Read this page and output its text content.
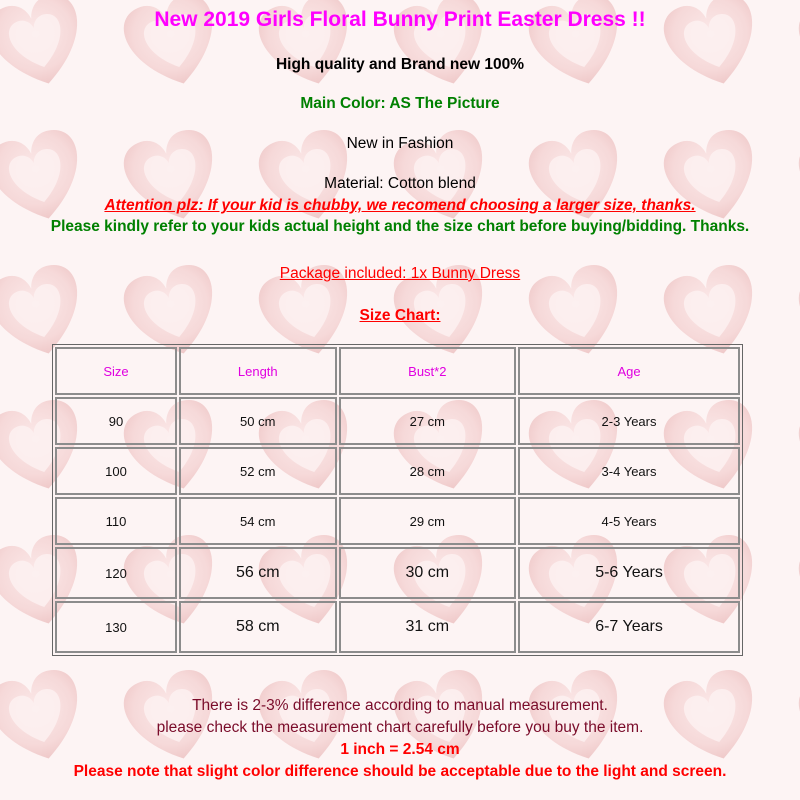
New 2019 Girls Floral Bunny Print Easter Dress !!
High quality and Brand new 100%
Main Color: AS The Picture
New in Fashion
Material: Cotton blend
Attention plz: If your kid is chubby, we recomend choosing a larger size, thanks.
Please kindly refer to your kids actual height and the size chart before buying/bidding. Thanks.
Package included: 1x Bunny Dress
Size Chart:
Size	Length	Bust*2	Age
90	50 cm	27 cm	2-3 Years
100	52 cm	28 cm	3-4 Years
110	54 cm	29 cm	4-5 Years
120	56 cm	30 cm	5-6 Years
130	58 cm	31 cm	6-7 Years
There is 2-3% difference according to manual measurement.
please check the measurement chart carefully before you buy the item.
1 inch = 2.54 cm
Please note that slight color difference should be acceptable due to the light and screen.
